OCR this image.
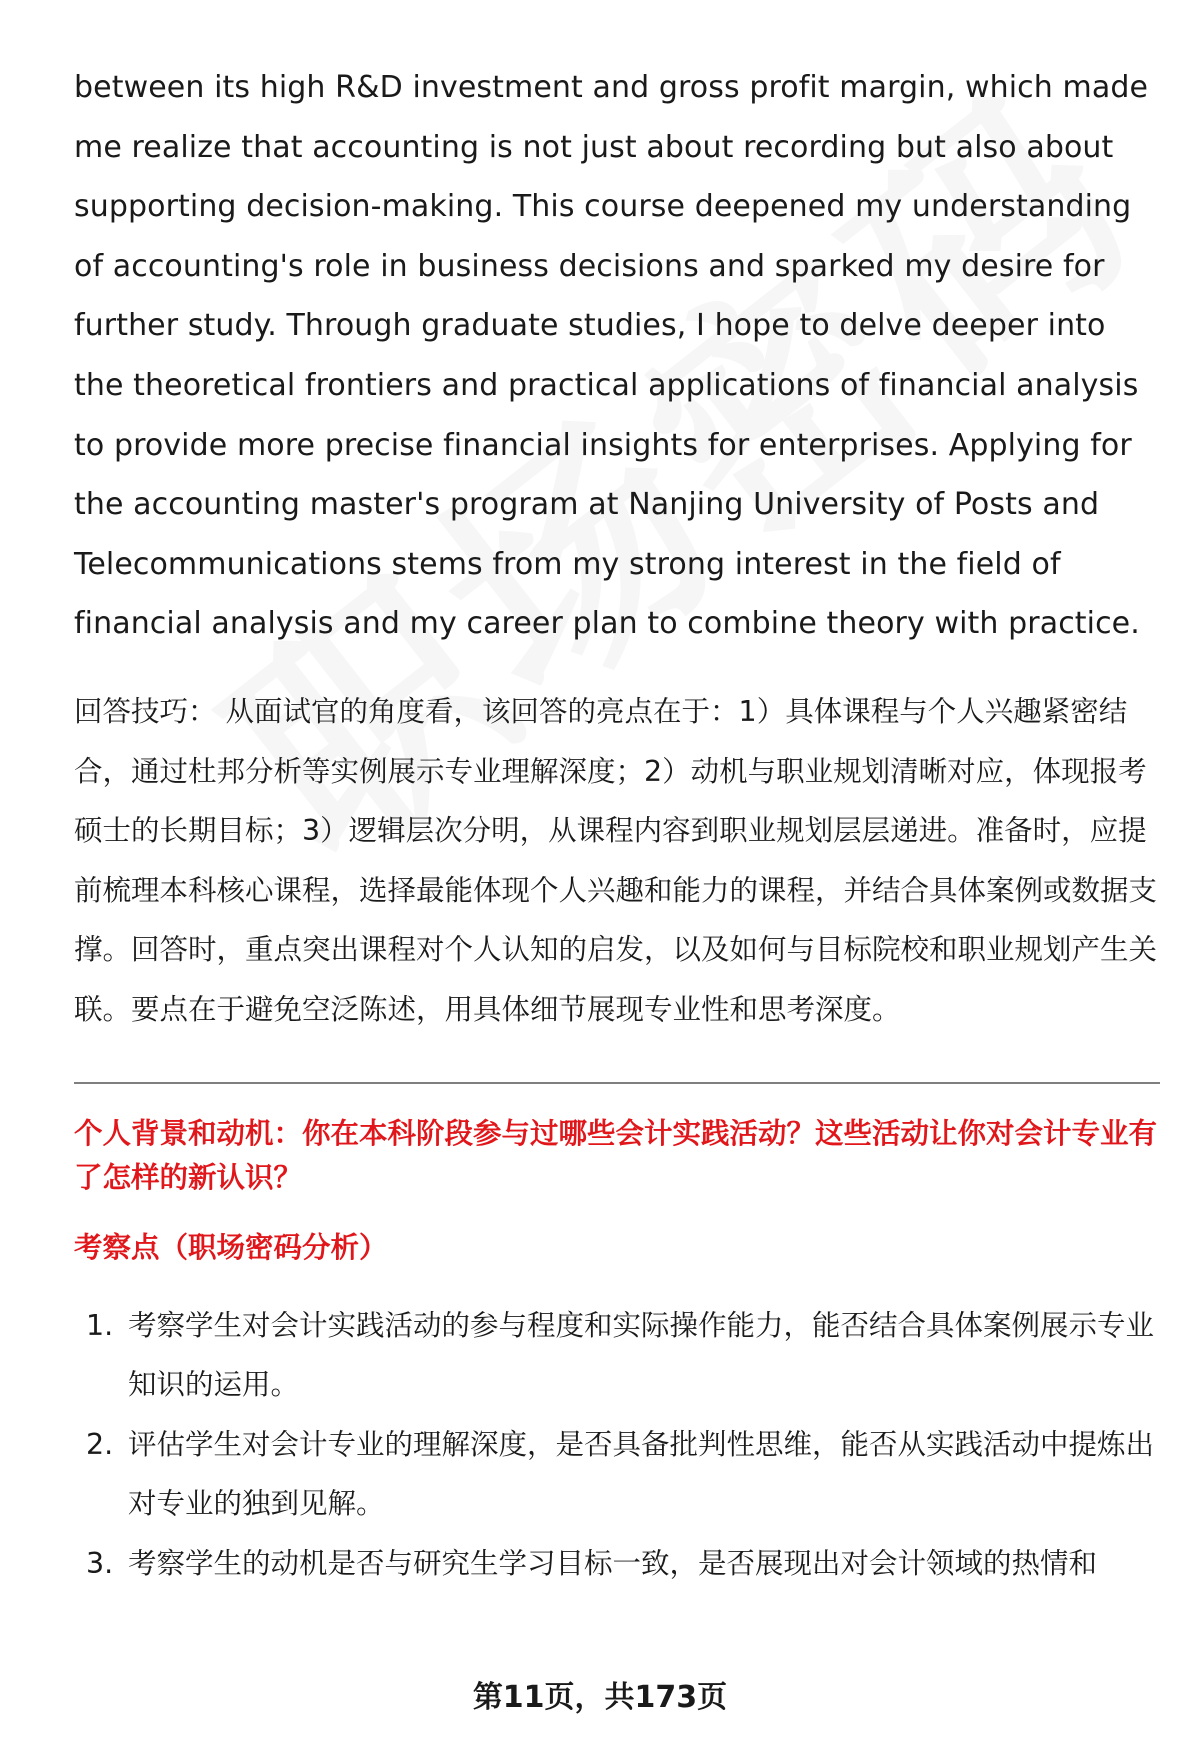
between its high R&D investment and gross profit margin, which made me realize that accounting is not just about recording but also about supporting decision-making. This course deepened my understanding of accounting's role in business decisions and sparked my desire for further study. Through graduate studies, I hope to delve deeper into the theoretical frontiers and practical applications of financial analysis to provide more precise financial insights for enterprises. Applying for the accounting master's program at Nanjing University of Posts and Telecommunications stems from my strong interest in the field of financial analysis and my career plan to combine theory with practice.

回答技巧： 从面试官的角度看，该回答的亮点在于：1）具体课程与个人兴趣紧密结合，通过杜邦分析等实例展示专业理解深度；2）动机与职业规划清晰对应，体现报考硕士的长期目标；3）逻辑层次分明，从课程内容到职业规划层层递进。准备时，应提前梳理本科核心课程，选择最能体现个人兴趣和能力的课程，并结合具体案例或数据支撑。回答时，重点突出课程对个人认知的启发，以及如何与目标院校和职业规划产生关联。要点在于避免空泛陈述，用具体细节展现专业性和思考深度。

个人背景和动机：你在本科阶段参与过哪些会计实践活动？这些活动让你对会计专业有了怎样的新认识？

考察点（职场密码分析）

1. 考察学生对会计实践活动的参与程度和实际操作能力，能否结合具体案例展示专业知识的运用。
2. 评估学生对会计专业的理解深度，是否具备批判性思维，能否从实践活动中提炼出对专业的独到见解。
3. 考察学生的动机是否与研究生学习目标一致，是否展现出对会计领域的热情和
第11页，共173页
